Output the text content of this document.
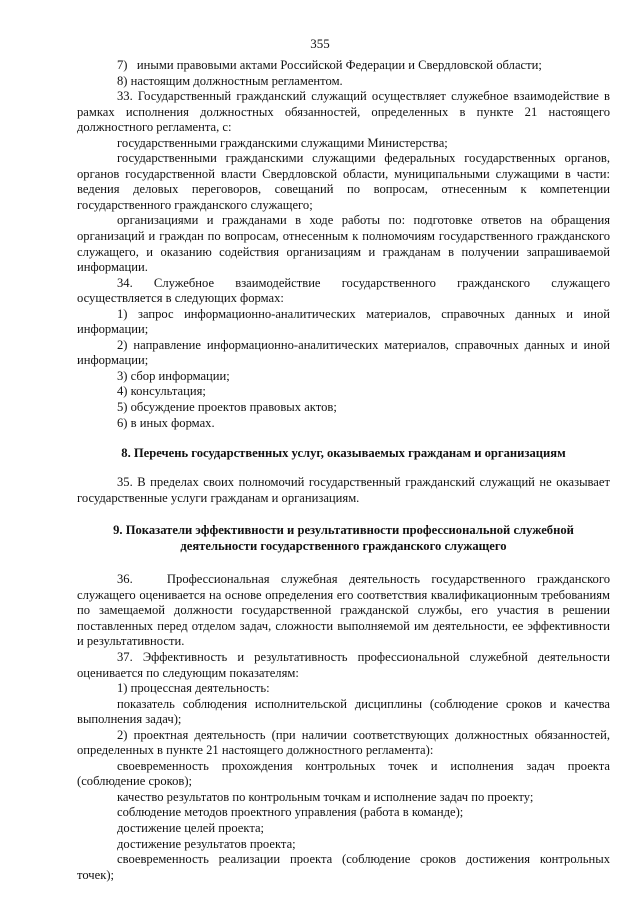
355

7)   иными правовыми актами Российской Федерации и Свердловской области;

8) настоящим должностным регламентом.

33. Государственный гражданский служащий осуществляет служебное взаимодействие в рамках исполнения должностных обязанностей, определенных в пункте 21 настоящего должностного регламента, с:

государственными гражданскими служащими Министерства;

государственными гражданскими служащими федеральных государственных органов, органов государственной власти Свердловской области, муниципальными служащими в части: ведения деловых переговоров, совещаний по вопросам, отнесенным к компетенции государственного гражданского служащего;

организациями и гражданами в ходе работы по: подготовке ответов на обращения организаций и граждан по вопросам, отнесенным к полномочиям государственного гражданского служащего, и оказанию содействия организациям и гражданам в получении запрашиваемой информации.

34.      Служебное      взаимодействие      государственного      гражданского      служащего осуществляется в следующих формах:

1) запрос информационно-аналитических материалов, справочных данных и иной информации;

2) направление информационно-аналитических материалов, справочных данных и иной информации;

3) сбор информации;

4) консультация;

5) обсуждение проектов правовых актов;

6) в иных формах.

8. Перечень государственных услуг, оказываемых гражданам и организациям

35. В пределах своих полномочий государственный гражданский служащий не оказывает государственные услуги гражданам и организациям.

9. Показатели эффективности и результативности профессиональной служебной деятельности государственного гражданского служащего

36.   Профессиональная служебная деятельность государственного гражданского служащего оценивается на основе определения его соответствия квалификационным требованиям по замещаемой должности государственной гражданской службы, его участия в решении поставленных перед отделом задач, сложности выполняемой им деятельности, ее эффективности и результативности.

37. Эффективность и результативность профессиональной служебной деятельности оценивается по следующим показателям:

1) процессная деятельность:

показатель соблюдения исполнительской дисциплины (соблюдение сроков и качества выполнения задач);

2) проектная деятельность (при наличии соответствующих должностных обязанностей, определенных в пункте 21 настоящего должностного регламента):

своевременность прохождения контрольных точек и исполнения задач проекта (соблюдение сроков);

качество результатов по контрольным точкам и исполнение задач по проекту;

соблюдение методов проектного управления (работа в команде);

достижение целей проекта;

достижение результатов проекта;

своевременность реализации проекта (соблюдение сроков достижения контрольных точек);
